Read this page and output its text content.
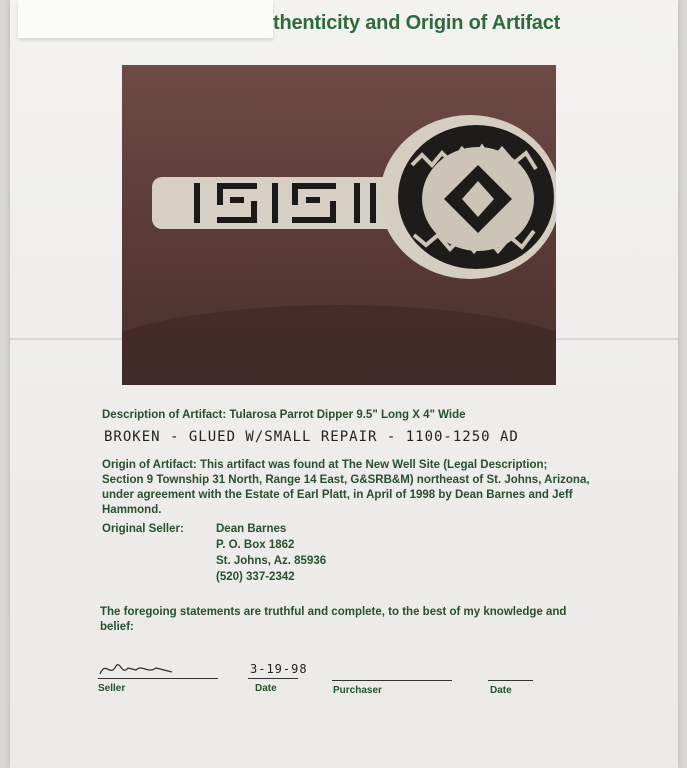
thenticity and Origin of Artifact
Description of Artifact: Tularosa Parrot Dipper 9.5" Long X 4" Wide
BROKEN - GLUED W/SMALL REPAIR - 1100-1250 AD
Origin of Artifact: This artifact was found at The New Well Site (Legal Description; Section 9 Township 31 North, Range 14 East, G&SRB&M) northeast of St. Johns, Arizona, under agreement with the Estate of Earl Platt, in April of 1998 by Dean Barnes and Jeff Hammond.
Original Seller:	Dean Barnes
P. O. Box 1862
St. Johns, Az. 85936
(520) 337-2342
The foregoing statements are truthful and complete, to the best of my knowledge and belief:
Seller
3-19-98
Date	Purchaser	Date
